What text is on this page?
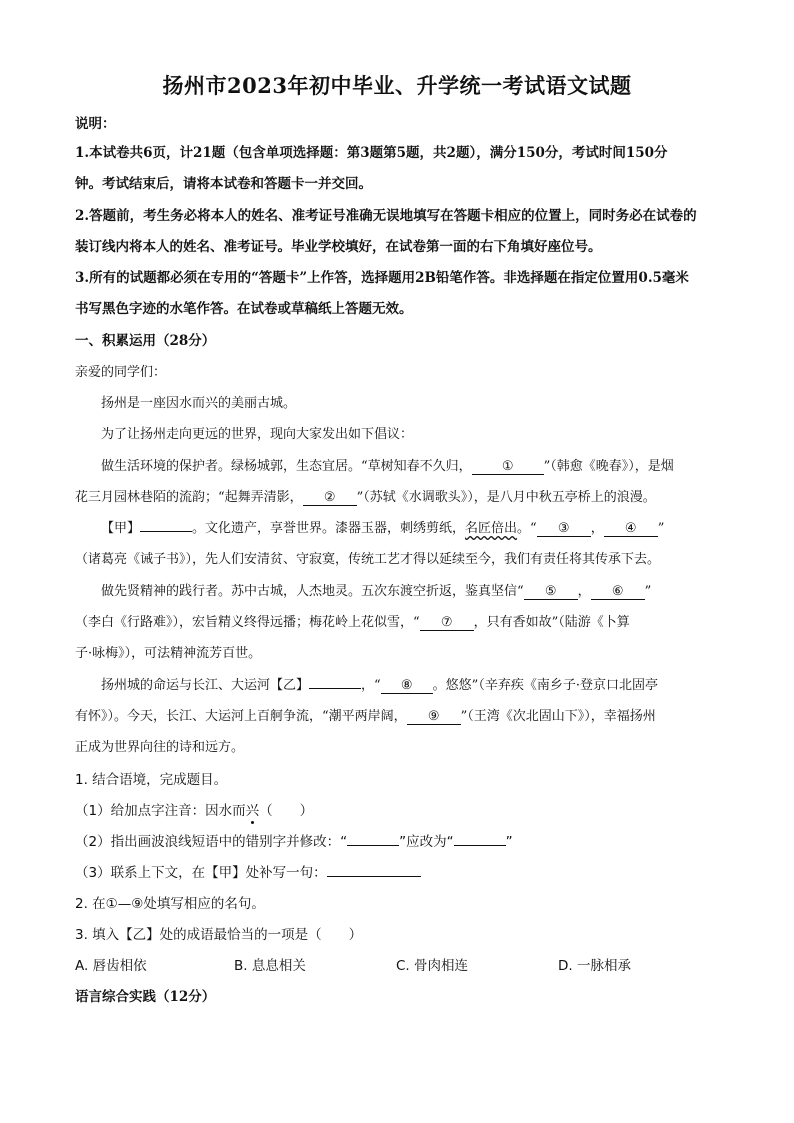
扬州市2023年初中毕业、升学统一考试语文试题
说明：
1.本试卷共6页，计21题（包含单项选择题：第3题第5题，共2题），满分150分，考试时间150分
钟。考试结束后，请将本试卷和答题卡一并交回。
2.答题前，考生务必将本人的姓名、准考证号准确无误地填写在答题卡相应的位置上，同时务必在试卷的
装订线内将本人的姓名、准考证号。毕业学校填好，在试卷第一面的右下角填好座位号。
3.所有的试题都必须在专用的“答题卡”上作答，选择题用2B铅笔作答。非选择题在指定位置用0.5毫米
书写黑色字迹的水笔作答。在试卷或草稿纸上答题无效。
一、积累运用（28分）
亲爱的同学们：
扬州是一座因水而兴的美丽古城。
为了让扬州走向更远的世界，现向大家发出如下倡议：
做生活环境的保护者。绿杨城郭，生态宜居。“草树知春不久归， ① ”（韩愈《晚春》），是烟
花三月园林巷陌的流韵；“起舞弄清影， ② ”（苏轼《水调歌头》），是八月中秋五亭桥上的浪漫。
【甲】	。文化遗产，享誉世界。漆器玉器，刺绣剪纸，名匠倍出。“ ③ ， ④ ”
（诸葛亮《诫子书》），先人们安清贫、守寂寞，传统工艺才得以延续至今，我们有责任将其传承下去。
做先贤精神的践行者。苏中古城，人杰地灵。五次东渡空折返，鉴真坚信“ ⑤ ， ⑥ ”
（李白《行路难》），宏旨精义终得远播；梅花岭上花似雪，“ ⑦ ，只有香如故”（陆游《卜算
子·咏梅》），可法精神流芳百世。
扬州城的命运与长江、大运河【乙】	，“ ⑧ 。悠悠”（辛弃疾《南乡子·登京口北固亭
有怀》）。今天，长江、大运河上百舸争流，“潮平两岸阔， ⑨ ”（王湾《次北固山下》），幸福扬州
正成为世界向往的诗和远方。
1. 结合语境，完成题目。
（1）给加点字注音：因水而兴（　　）
（2）指出画波浪线短语中的错别字并修改：“	”应改为“	”
（3）联系上下文，在【甲】处补写一句：
2. 在①—⑨处填写相应的名句。
3. 填入【乙】处的成语最恰当的一项是（　　）
A. 唇齿相依	B. 息息相关	C. 骨肉相连	D. 一脉相承
语言综合实践（12分）
